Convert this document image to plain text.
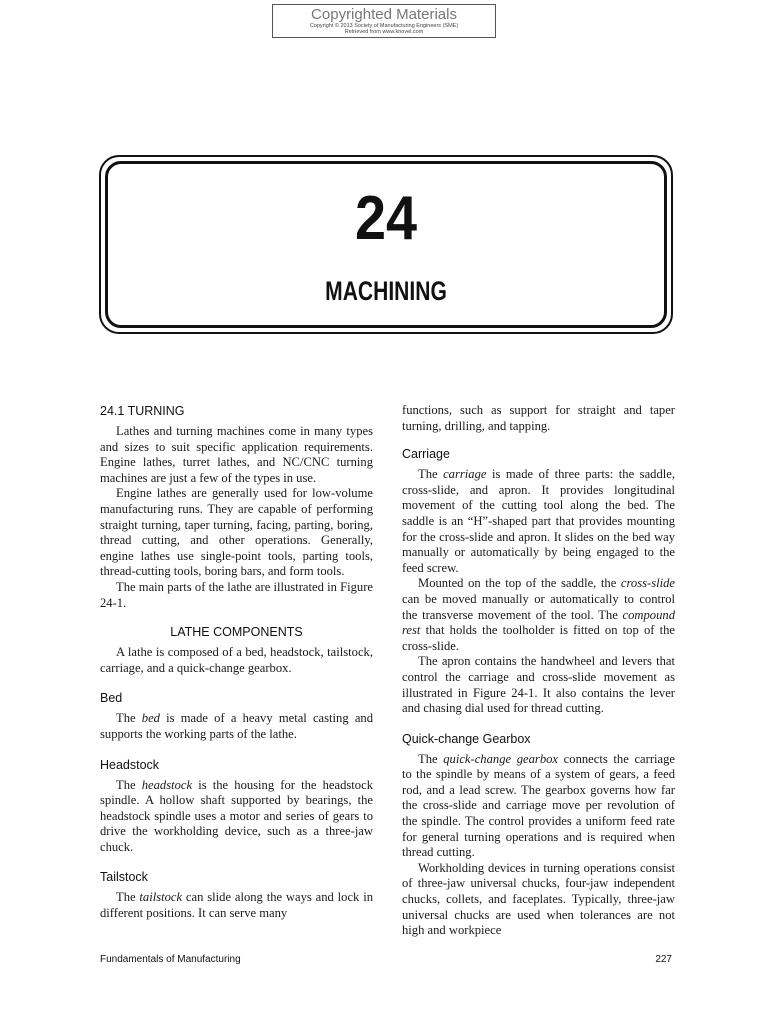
Copyrighted Materials
Copyright © 2013 Society of Manufacturing Engineers (SME)
Retrieved from www.knovel.com
24
MACHINING
24.1 TURNING

Lathes and turning machines come in many types and sizes to suit specific application requirements. Engine lathes, turret lathes, and NC/CNC turning machines are just a few of the types in use.

Engine lathes are generally used for low-volume manufacturing runs. They are capable of performing straight turning, taper turning, facing, parting, boring, thread cutting, and other operations. Generally, engine lathes use single-point tools, parting tools, thread-cutting tools, boring bars, and form tools.

The main parts of the lathe are illustrated in Figure 24-1.

LATHE COMPONENTS

A lathe is composed of a bed, headstock, tailstock, carriage, and a quick-change gearbox.

Bed

The bed is made of a heavy metal casting and supports the working parts of the lathe.

Headstock

The headstock is the housing for the headstock spindle. A hollow shaft supported by bearings, the headstock spindle uses a motor and series of gears to drive the workholding device, such as a three-jaw chuck.

Tailstock

The tailstock can slide along the ways and lock in different positions. It can serve many

functions, such as support for straight and taper turning, drilling, and tapping.

Carriage

The carriage is made of three parts: the saddle, cross-slide, and apron. It provides longitudinal movement of the cutting tool along the bed. The saddle is an “H”-shaped part that provides mounting for the cross-slide and apron. It slides on the bed way manually or automatically by being engaged to the feed screw.

Mounted on the top of the saddle, the cross-slide can be moved manually or automatically to control the transverse movement of the tool. The compound rest that holds the toolholder is fitted on top of the cross-slide.

The apron contains the handwheel and levers that control the carriage and cross-slide movement as illustrated in Figure 24-1. It also contains the lever and chasing dial used for thread cutting.

Quick-change Gearbox

The quick-change gearbox connects the carriage to the spindle by means of a system of gears, a feed rod, and a lead screw. The gearbox governs how far the cross-slide and carriage move per revolution of the spindle. The control provides a uniform feed rate for general turning operations and is required when thread cutting.

Workholding devices in turning operations consist of three-jaw universal chucks, four-jaw independent chucks, collets, and faceplates. Typically, three-jaw universal chucks are used when tolerances are not high and workpiece

Fundamentals of Manufacturing	227
